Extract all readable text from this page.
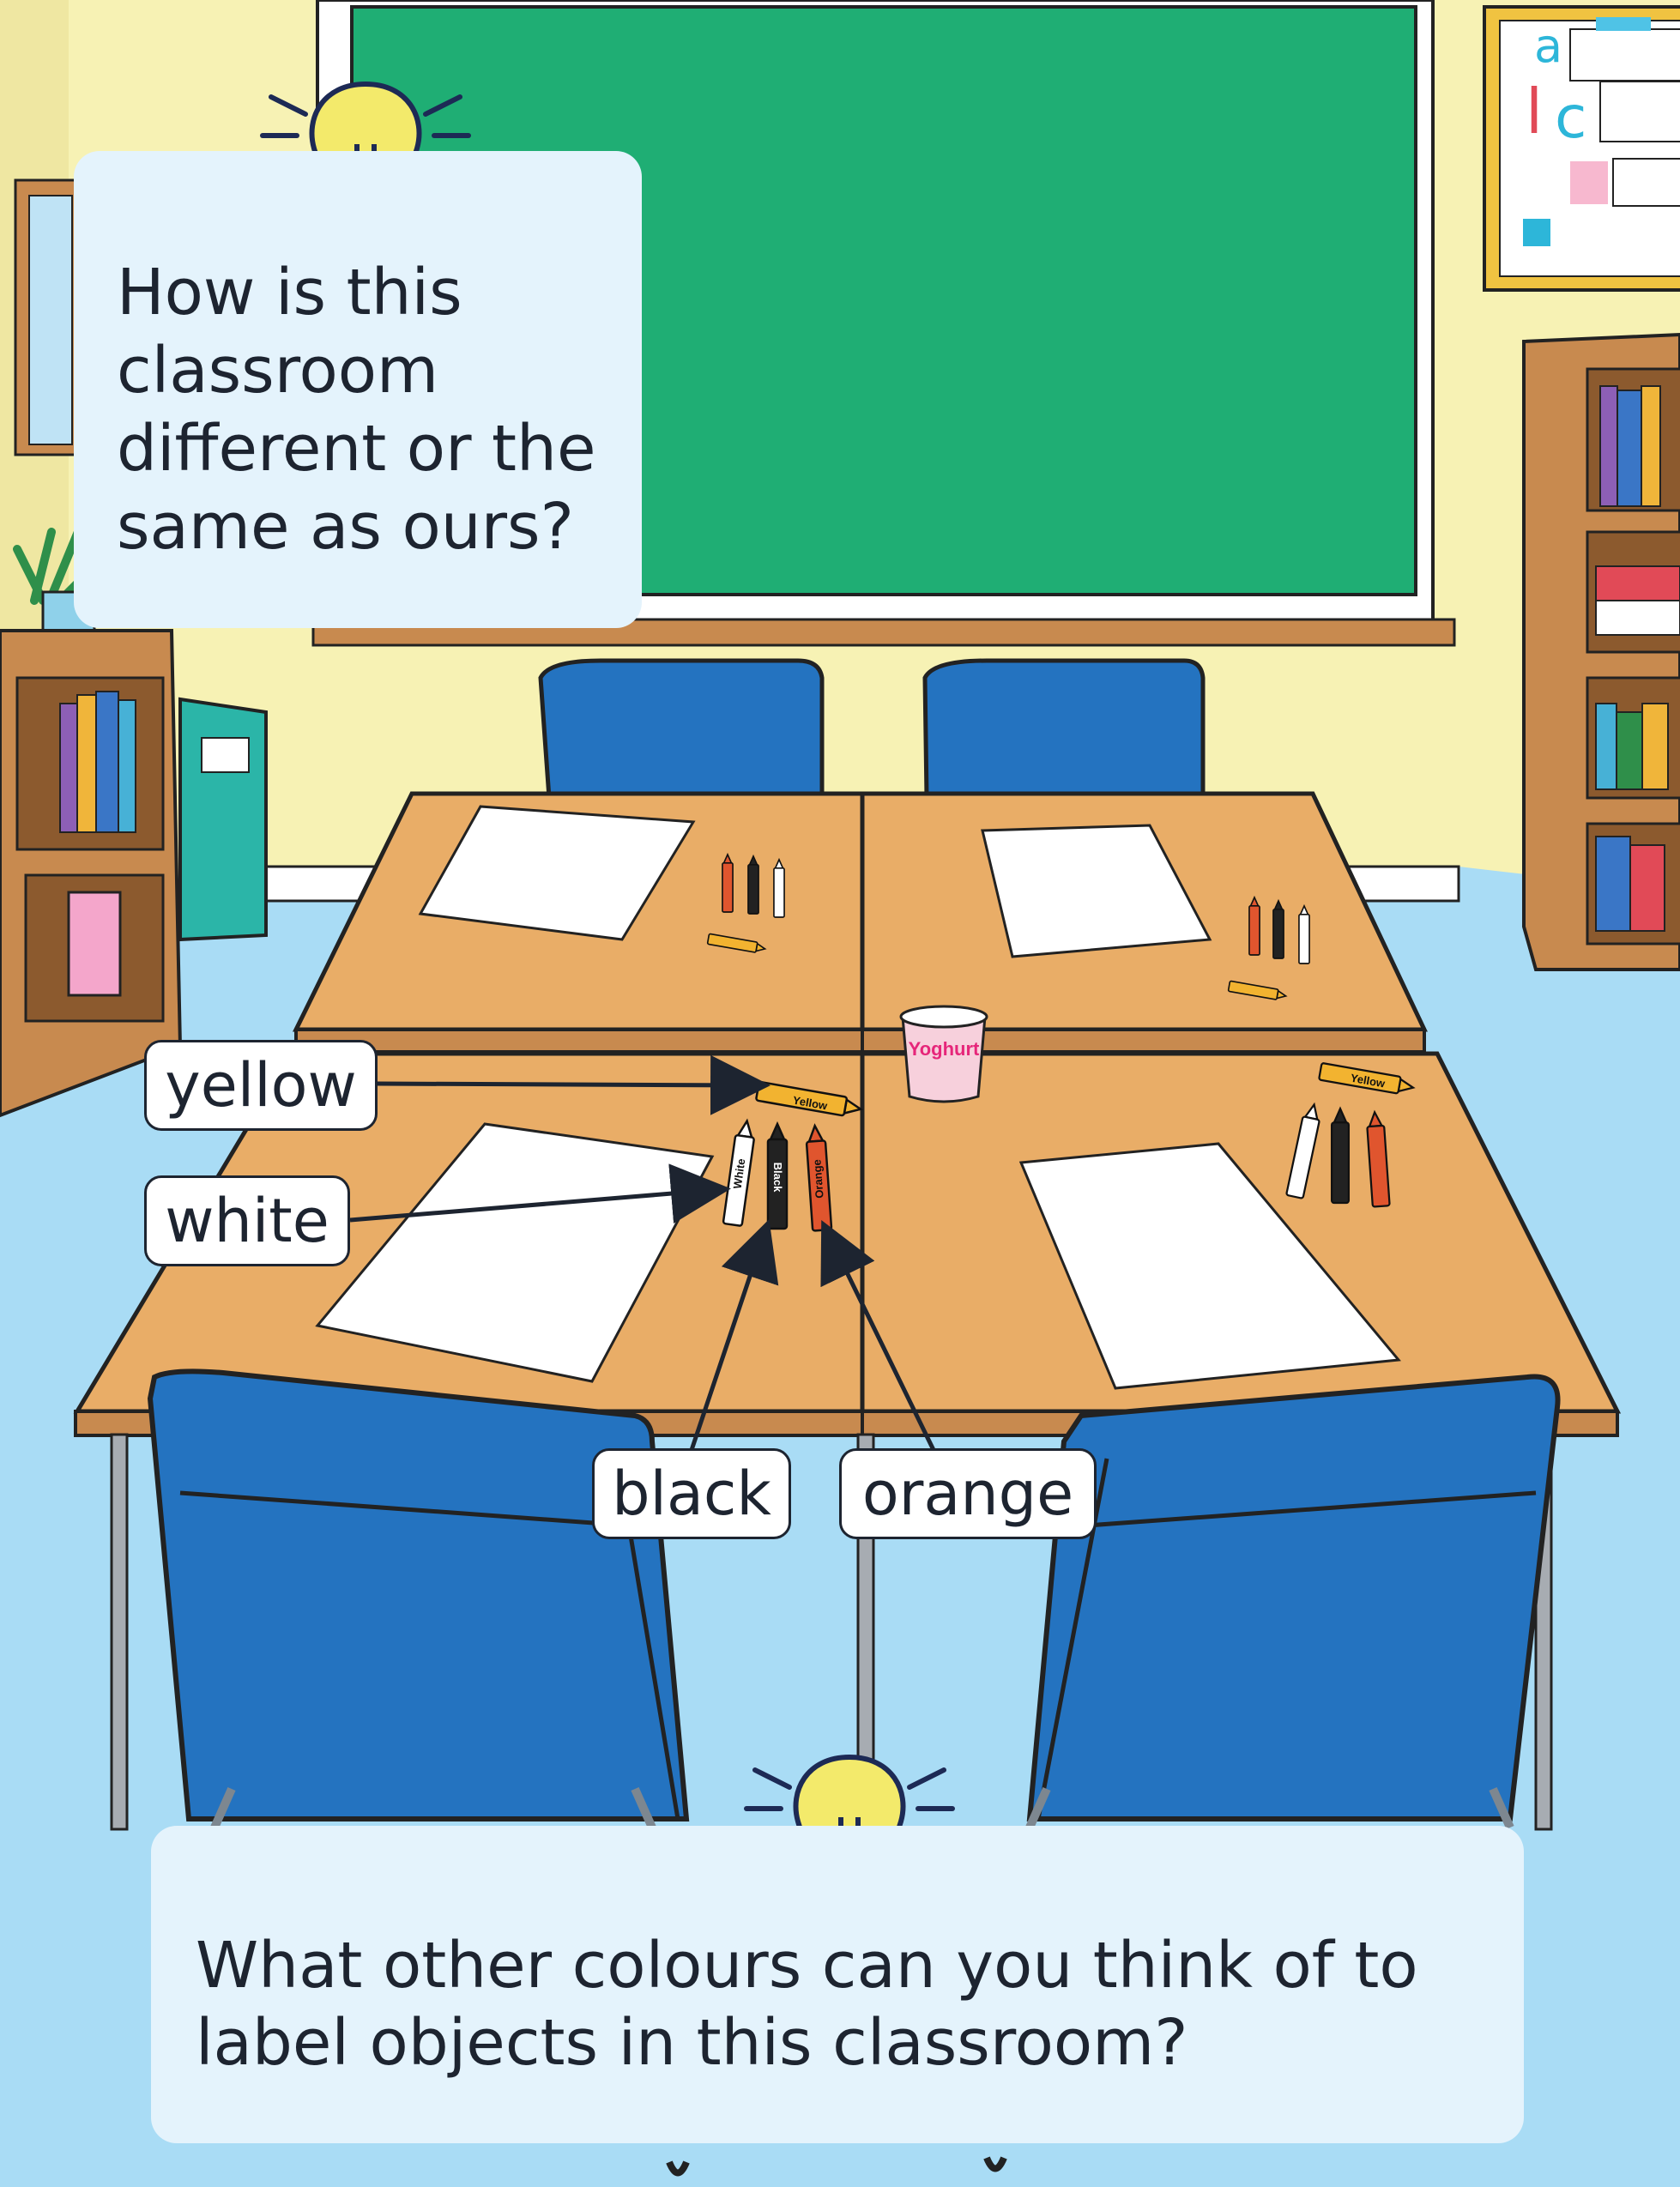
a
l c
Yellow
White Black Orange
Yellow
Yoghurt
How is this classroom different or the same as ours?
What other colours can you think of to label objects in this classroom?
yellow
white
black	orange
